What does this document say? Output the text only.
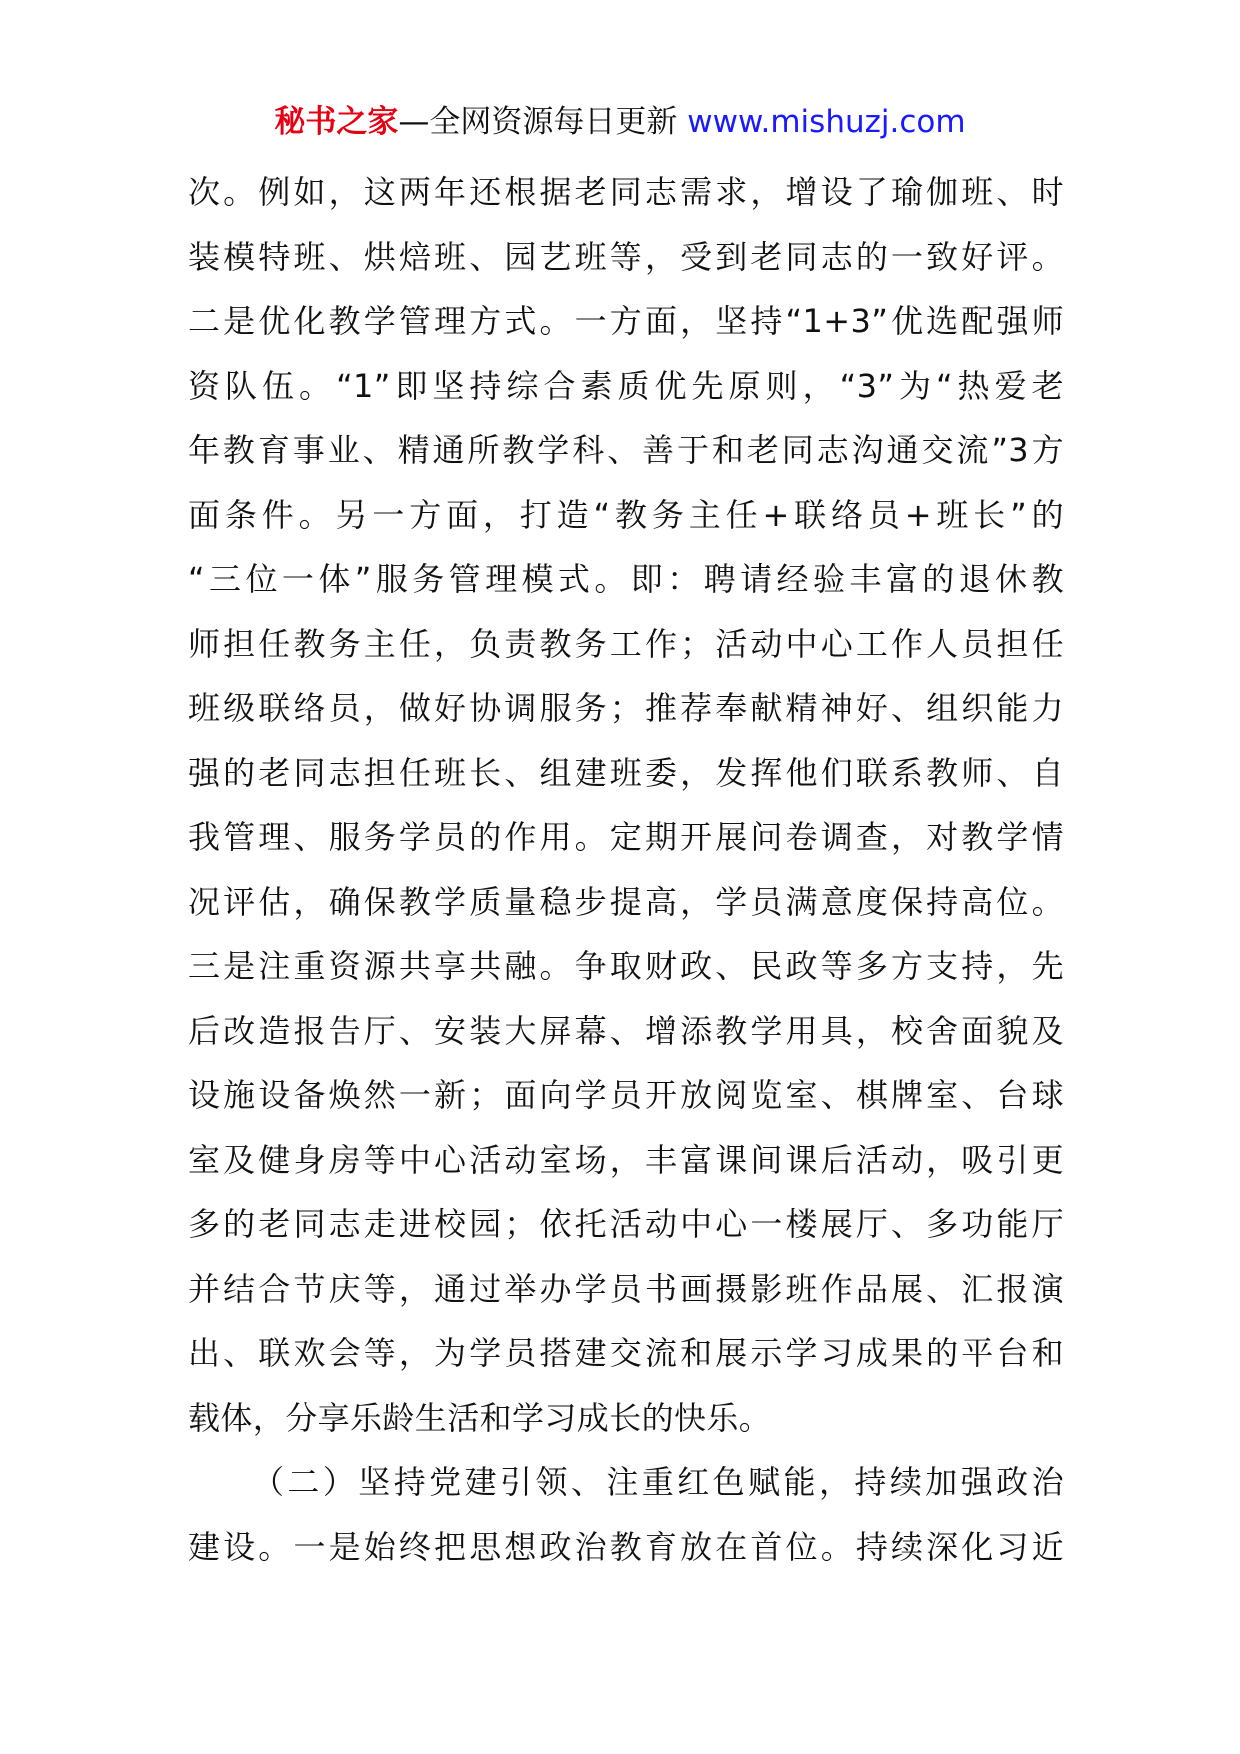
秘书之家—全网资源每日更新 www.mishuzj.com
次。例如，这两年还根据老同志需求，增设了瑜伽班、时
装模特班、烘焙班、园艺班等，受到老同志的一致好评。
二是优化教学管理方式。一方面，坚持“1+3”优选配强师
资队伍。“1”即坚持综合素质优先原则，“3”为“热爱老
年教育事业、精通所教学科、善于和老同志沟通交流”3方
面条件。另一方面，打造“教务主任+联络员+班长”的
“三位一体”服务管理模式。即：聘请经验丰富的退休教
师担任教务主任，负责教务工作；活动中心工作人员担任
班级联络员，做好协调服务；推荐奉献精神好、组织能力
强的老同志担任班长、组建班委，发挥他们联系教师、自
我管理、服务学员的作用。定期开展问卷调查，对教学情
况评估，确保教学质量稳步提高，学员满意度保持高位。
三是注重资源共享共融。争取财政、民政等多方支持，先
后改造报告厅、安装大屏幕、增添教学用具，校舍面貌及
设施设备焕然一新；面向学员开放阅览室、棋牌室、台球
室及健身房等中心活动室场，丰富课间课后活动，吸引更
多的老同志走进校园；依托活动中心一楼展厅、多功能厅
并结合节庆等，通过举办学员书画摄影班作品展、汇报演
出、联欢会等，为学员搭建交流和展示学习成果的平台和
载体，分享乐龄生活和学习成长的快乐。
（二）坚持党建引领、注重红色赋能，持续加强政治
建设。一是始终把思想政治教育放在首位。持续深化习近
